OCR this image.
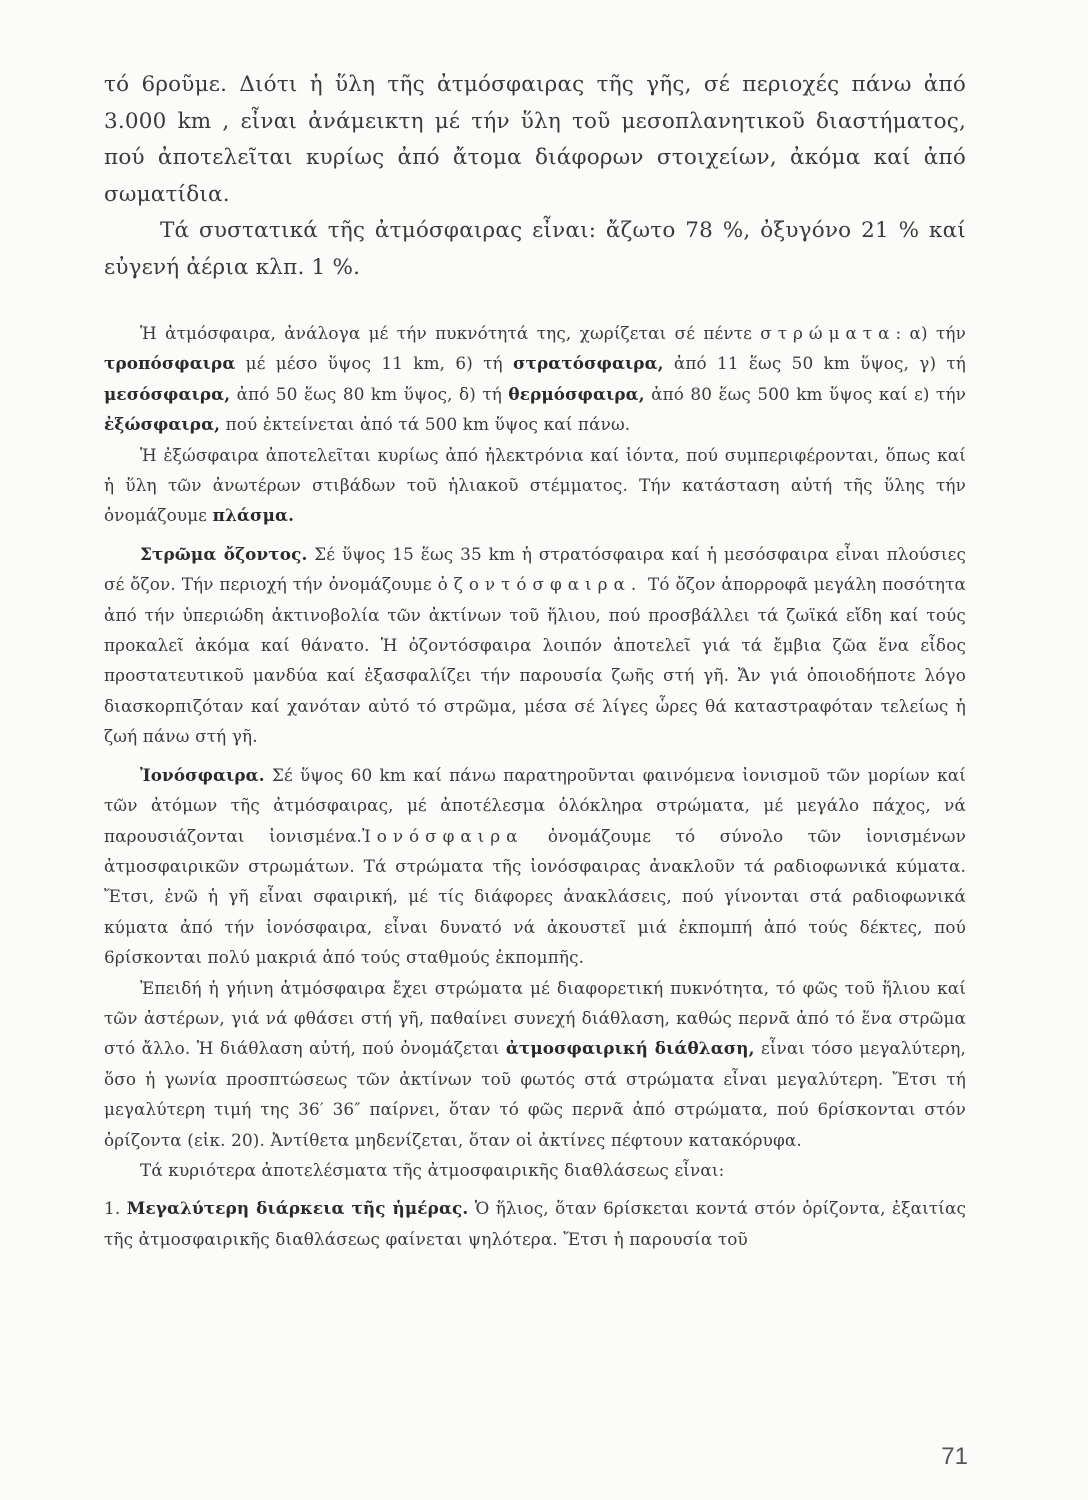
τό 6ροῦμε. Διότι ἡ ὕλη τῆς ἀτμόσφαιρας τῆς γῆς, σέ περιοχές πάνω ἀπό 3.000 km , εἶναι ἀνάμεικτη μέ τήν ὕλη τοῦ μεσοπλανητικοῦ διαστήματος, πού ἀποτελεῖται κυρίως ἀπό ἄτομα διάφορων στοιχείων, ἀκόμα καί ἀπό σωματίδια.

Τά συστατικά τῆς ἀτμόσφαιρας εἶναι: ἄζωτο 78 %, ὀξυγόνο 21 % καί εὐγενή ἀέρια κλπ. 1 %.

Ἡ ἀτμόσφαιρα, ἀνάλογα μέ τήν πυκνότητά της, χωρίζεται σέ πέντε στρώματα: α) τήν τροπόσφαιρα μέ μέσο ὕψος 11 km, 6) τή στρατόσφαιρα, ἀπό 11 ἕως 50 km ὕψος, γ) τή μεσόσφαιρα, ἀπό 50 ἕως 80 km ὕψος, δ) τή θερμόσφαιρα, ἀπό 80 ἕως 500 km ὕψος καί ε) τήν ἐξώσφαιρα, πού ἐκτείνεται ἀπό τά 500 km ὕψος καί πάνω.

Ἡ ἐξώσφαιρα ἀποτελεῖται κυρίως ἀπό ἠλεκτρόνια καί ἰόντα, πού συμπεριφέρονται, ὅπως καί ἡ ὕλη τῶν ἀνωτέρων στιβάδων τοῦ ἡλιακοῦ στέμματος. Τήν κατάσταση αὐτή τῆς ὕλης τήν ὀνομάζουμε πλάσμα.

Στρῶμα ὄζοντος. Σέ ὕψος 15 ἕως 35 km ἡ στρατόσφαιρα καί ἡ μεσόσφαιρα εἶναι πλούσιες σέ ὄζον. Τήν περιοχή τήν ὀνομάζουμε ὀζοντόσφαιρα. Τό ὄζον ἀπορροφᾶ μεγάλη ποσότητα ἀπό τήν ὑπεριώδη ἀκτινοβολία τῶν ἀκτίνων τοῦ ἥλιου, πού προσβάλλει τά ζωϊκά εἴδη καί τούς προκαλεῖ ἀκόμα καί θάνατο. Ἡ ὀζοντόσφαιρα λοιπόν ἀποτελεῖ γιά τά ἔμβια ζῶα ἕνα εἶδος προστατευτικοῦ μανδύα καί ἐξασφαλίζει τήν παρουσία ζωῆς στή γῆ. Ἄν γιά ὁποιοδήποτε λόγο διασκορπιζόταν καί χανόταν αὐτό τό στρῶμα, μέσα σέ λίγες ὧρες θά καταστραφόταν τελείως ἡ ζωή πάνω στή γῆ.

Ἰονόσφαιρα. Σέ ὕψος 60 km καί πάνω παρατηροῦνται φαινόμενα ἰονισμοῦ τῶν μορίων καί τῶν ἀτόμων τῆς ἀτμόσφαιρας, μέ ἀποτέλεσμα ὁλόκληρα στρώματα, μέ μεγάλο πάχος, νά παρουσιάζονται ἰονισμένα.Ἰονόσφαιρα ὀνομάζουμε τό σύνολο τῶν ἰονισμένων ἀτμοσφαιρικῶν στρωμάτων. Τά στρώματα τῆς ἰονόσφαιρας ἀνακλοῦν τά ραδιοφωνικά κύματα. Ἔτσι, ἐνῶ ἡ γῆ εἶναι σφαιρική, μέ τίς διάφορες ἀνακλάσεις, πού γίνονται στά ραδιοφωνικά κύματα ἀπό τήν ἰονόσφαιρα, εἶναι δυνατό νά ἀκουστεῖ μιά ἐκπομπή ἀπό τούς δέκτες, πού 6ρίσκονται πολύ μακριά ἀπό τούς σταθμούς ἐκπομπῆς.

Ἐπειδή ἡ γήινη ἀτμόσφαιρα ἔχει στρώματα μέ διαφορετική πυκνότητα, τό φῶς τοῦ ἥλιου καί τῶν ἀστέρων, γιά νά φθάσει στή γῆ, παθαίνει συνεχή διάθλαση, καθώς περνᾶ ἀπό τό ἕνα στρῶμα στό ἄλλο. Ἡ διάθλαση αὐτή, πού ὀνομάζεται ἀτμοσφαιρική διάθλαση, εἶναι τόσο μεγαλύτερη, ὅσο ἡ γωνία προσπτώσεως τῶν ἀκτίνων τοῦ φωτός στά στρώματα εἶναι μεγαλύτερη. Ἔτσι τή μεγαλύτερη τιμή της 36′ 36″ παίρνει, ὅταν τό φῶς περνᾶ ἀπό στρώματα, πού 6ρίσκονται στόν ὁρίζοντα (εἰκ. 20). Ἀντίθετα μηδενίζεται, ὅταν οἱ ἀκτίνες πέφτουν κατακόρυφα.

Τά κυριότερα ἀποτελέσματα τῆς ἀτμοσφαιρικῆς διαθλάσεως εἶναι:

1. Μεγαλύτερη διάρκεια τῆς ἡμέρας. Ὁ ἥλιος, ὅταν 6ρίσκεται κοντά στόν ὁρίζοντα, ἐξαιτίας τῆς ἀτμοσφαιρικῆς διαθλάσεως φαίνεται ψηλότερα. Ἔτσι ἡ παρουσία τοῦ

71
